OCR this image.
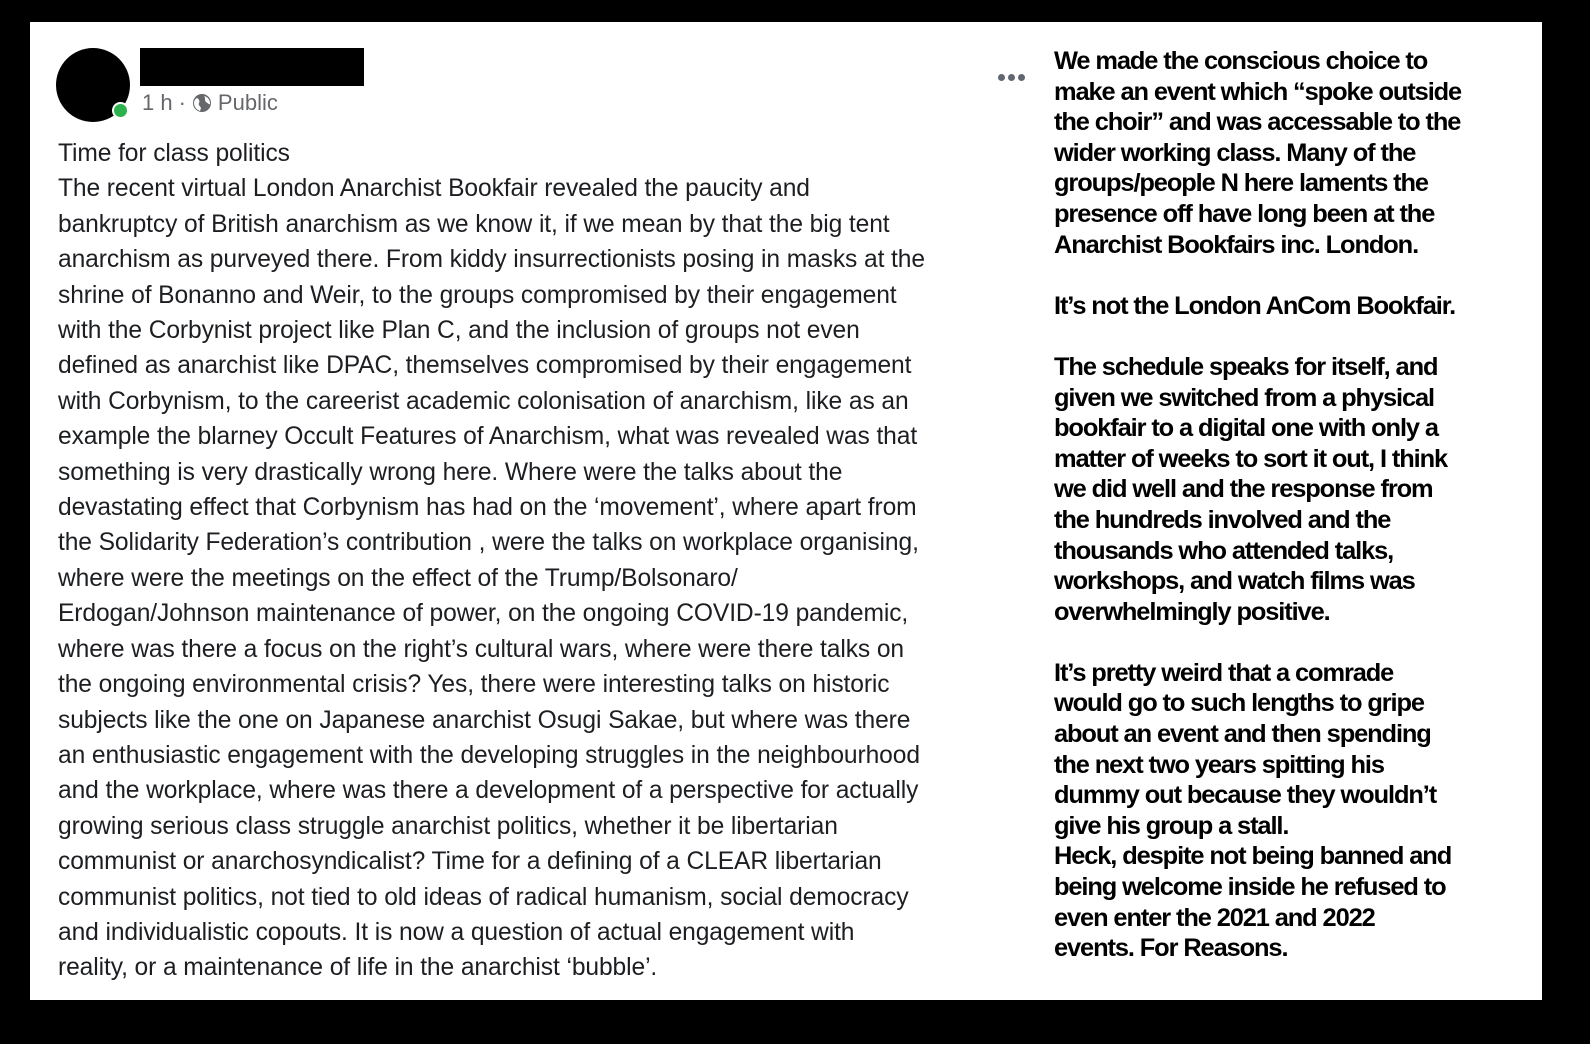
1 h · Public
Time for class politics
The recent virtual London Anarchist Bookfair revealed the paucity and
bankruptcy of British anarchism as we know it, if we mean by that the big tent
anarchism as purveyed there. From kiddy insurrectionists posing in masks at the
shrine of Bonanno and Weir, to the groups compromised by their engagement
with the Corbynist project like Plan C, and the inclusion of groups not even
defined as anarchist like DPAC, themselves compromised by their engagement
with Corbynism, to the careerist academic colonisation of anarchism, like as an
example the blarney Occult Features of Anarchism, what was revealed was that
something is very drastically wrong here. Where were the talks about the
devastating effect that Corbynism has had on the ‘movement’, where apart from
the Solidarity Federation’s contribution , were the talks on workplace organising,
where were the meetings on the effect of the Trump/Bolsonaro/
Erdogan/Johnson maintenance of power, on the ongoing COVID-19 pandemic,
where was there a focus on the right’s cultural wars, where were there talks on
the ongoing environmental crisis? Yes, there were interesting talks on historic
subjects like the one on Japanese anarchist Osugi Sakae, but where was there
an enthusiastic engagement with the developing struggles in the neighbourhood
and the workplace, where was there a development of a perspective for actually
growing serious class struggle anarchist politics, whether it be libertarian
communist or anarchosyndicalist? Time for a defining of a CLEAR libertarian
communist politics, not tied to old ideas of radical humanism, social democracy
and individualistic copouts. It is now a question of actual engagement with
reality, or a maintenance of life in the anarchist ‘bubble’.
We made the conscious choice to
make an event which “spoke outside
the choir” and was accessable to the
wider working class. Many of the
groups/people N here laments the
presence off have long been at the
Anarchist Bookfairs inc. London.
It’s not the London AnCom Bookfair.
The schedule speaks for itself, and
given we switched from a physical
bookfair to a digital one with only a
matter of weeks to sort it out, I think
we did well and the response from
the hundreds involved and the
thousands who attended talks,
workshops, and watch films was
overwhelmingly positive.
It’s pretty weird that a comrade
would go to such lengths to gripe
about an event and then spending
the next two years spitting his
dummy out because they wouldn’t
give his group a stall.
Heck, despite not being banned and
being welcome inside he refused to
even enter the 2021 and 2022
events. For Reasons.
